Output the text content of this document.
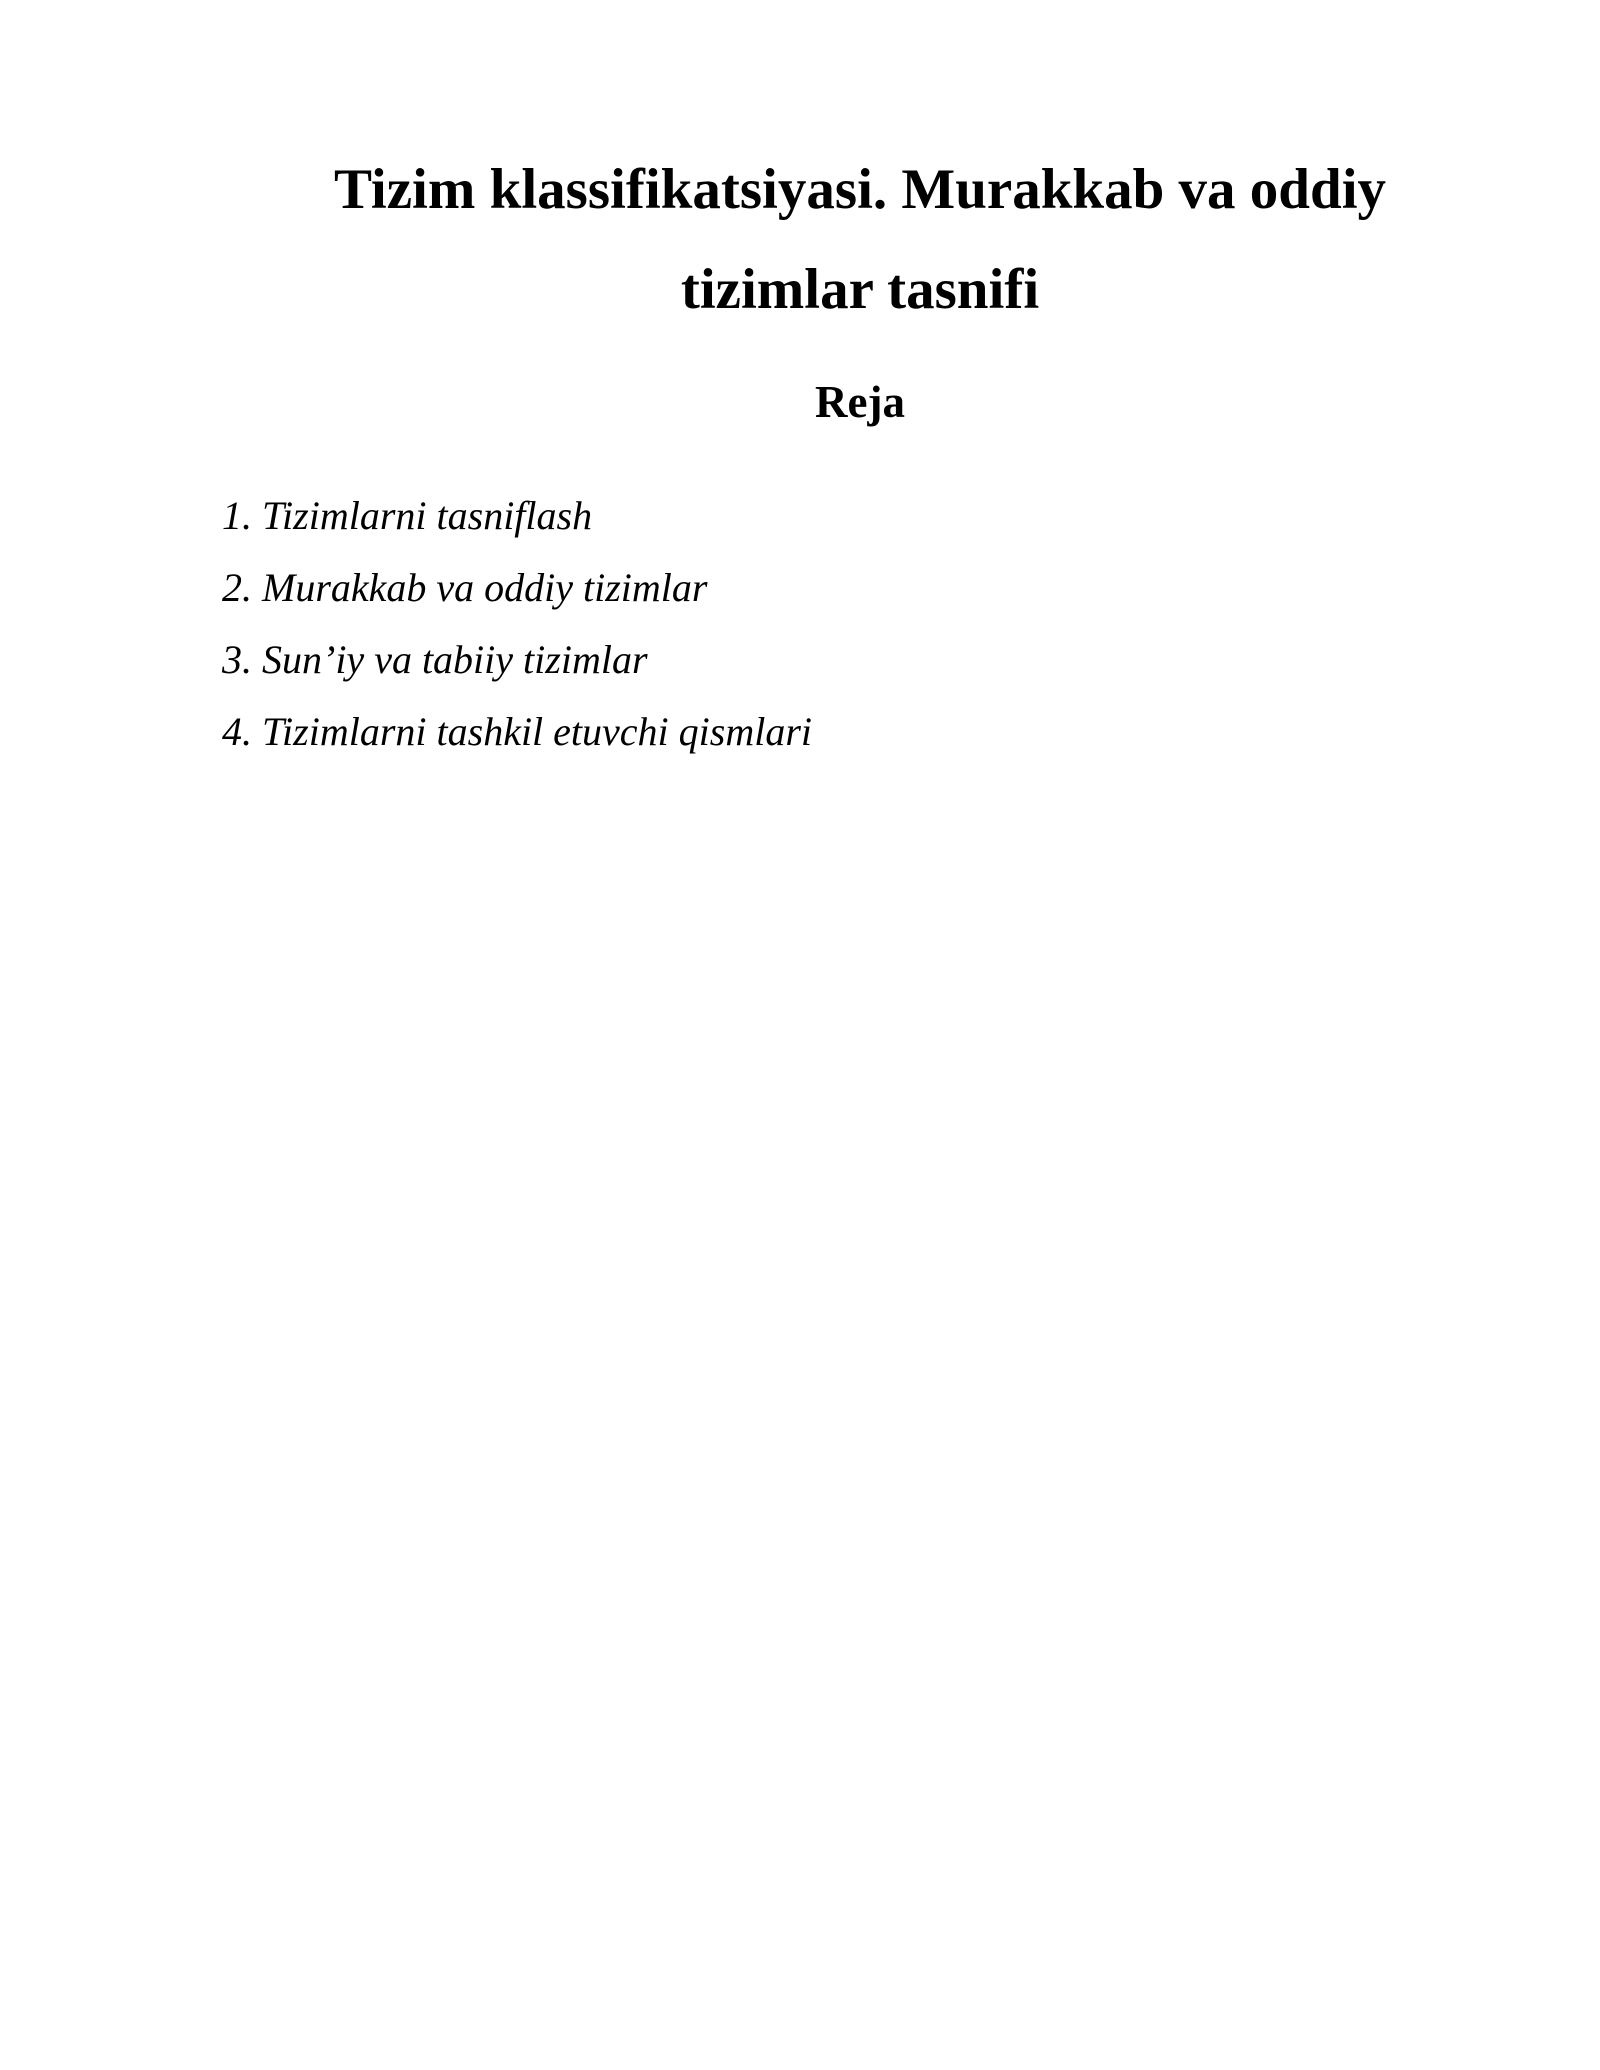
Tizim klassifikatsiyasi. Murakkab va oddiy
tizimlar tasnifi
Reja
1. Tizimlarni tasniflash
2. Murakkab va oddiy tizimlar
3. Sun’iy va tabiiy tizimlar
4. Tizimlarni tashkil etuvchi qismlari
